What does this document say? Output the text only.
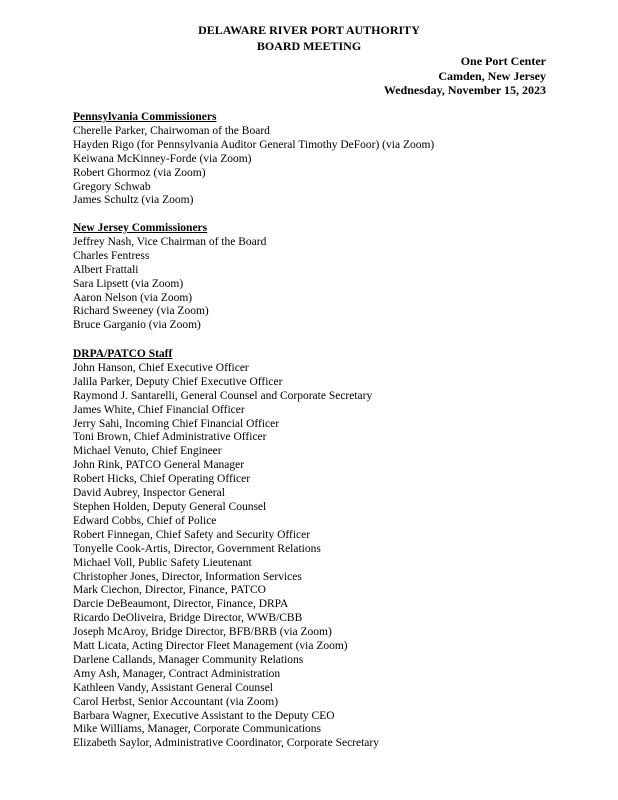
DELAWARE RIVER PORT AUTHORITY
BOARD MEETING
One Port Center
Camden, New Jersey
Wednesday, November 15, 2023
Pennsylvania Commissioners
Cherelle Parker, Chairwoman of the Board
Hayden Rigo (for Pennsylvania Auditor General Timothy DeFoor) (via Zoom)
Keiwana McKinney-Forde (via Zoom)
Robert Ghormoz (via Zoom)
Gregory Schwab
James Schultz (via Zoom)
New Jersey Commissioners
Jeffrey Nash, Vice Chairman of the Board
Charles Fentress
Albert Frattali
Sara Lipsett (via Zoom)
Aaron Nelson (via Zoom)
Richard Sweeney (via Zoom)
Bruce Garganio (via Zoom)
DRPA/PATCO Staff
John Hanson, Chief Executive Officer
Jalila Parker, Deputy Chief Executive Officer
Raymond J. Santarelli, General Counsel and Corporate Secretary
James White, Chief Financial Officer
Jerry Sahi, Incoming Chief Financial Officer
Toni Brown, Chief Administrative Officer
Michael Venuto, Chief Engineer
John Rink, PATCO General Manager
Robert Hicks, Chief Operating Officer
David Aubrey, Inspector General
Stephen Holden, Deputy General Counsel
Edward Cobbs, Chief of Police
Robert Finnegan, Chief Safety and Security Officer
Tonyelle Cook-Artis, Director, Government Relations
Michael Voll, Public Safety Lieutenant
Christopher Jones, Director, Information Services
Mark Ciechon, Director, Finance, PATCO
Darcie DeBeaumont, Director, Finance, DRPA
Ricardo DeOliveira, Bridge Director, WWB/CBB
Joseph McAroy, Bridge Director, BFB/BRB (via Zoom)
Matt Licata, Acting Director Fleet Management (via Zoom)
Darlene Callands, Manager Community Relations
Amy Ash, Manager, Contract Administration
Kathleen Vandy, Assistant General Counsel
Carol Herbst, Senior Accountant (via Zoom)
Barbara Wagner, Executive Assistant to the Deputy CEO
Mike Williams, Manager, Corporate Communications
Elizabeth Saylor, Administrative Coordinator, Corporate Secretary
